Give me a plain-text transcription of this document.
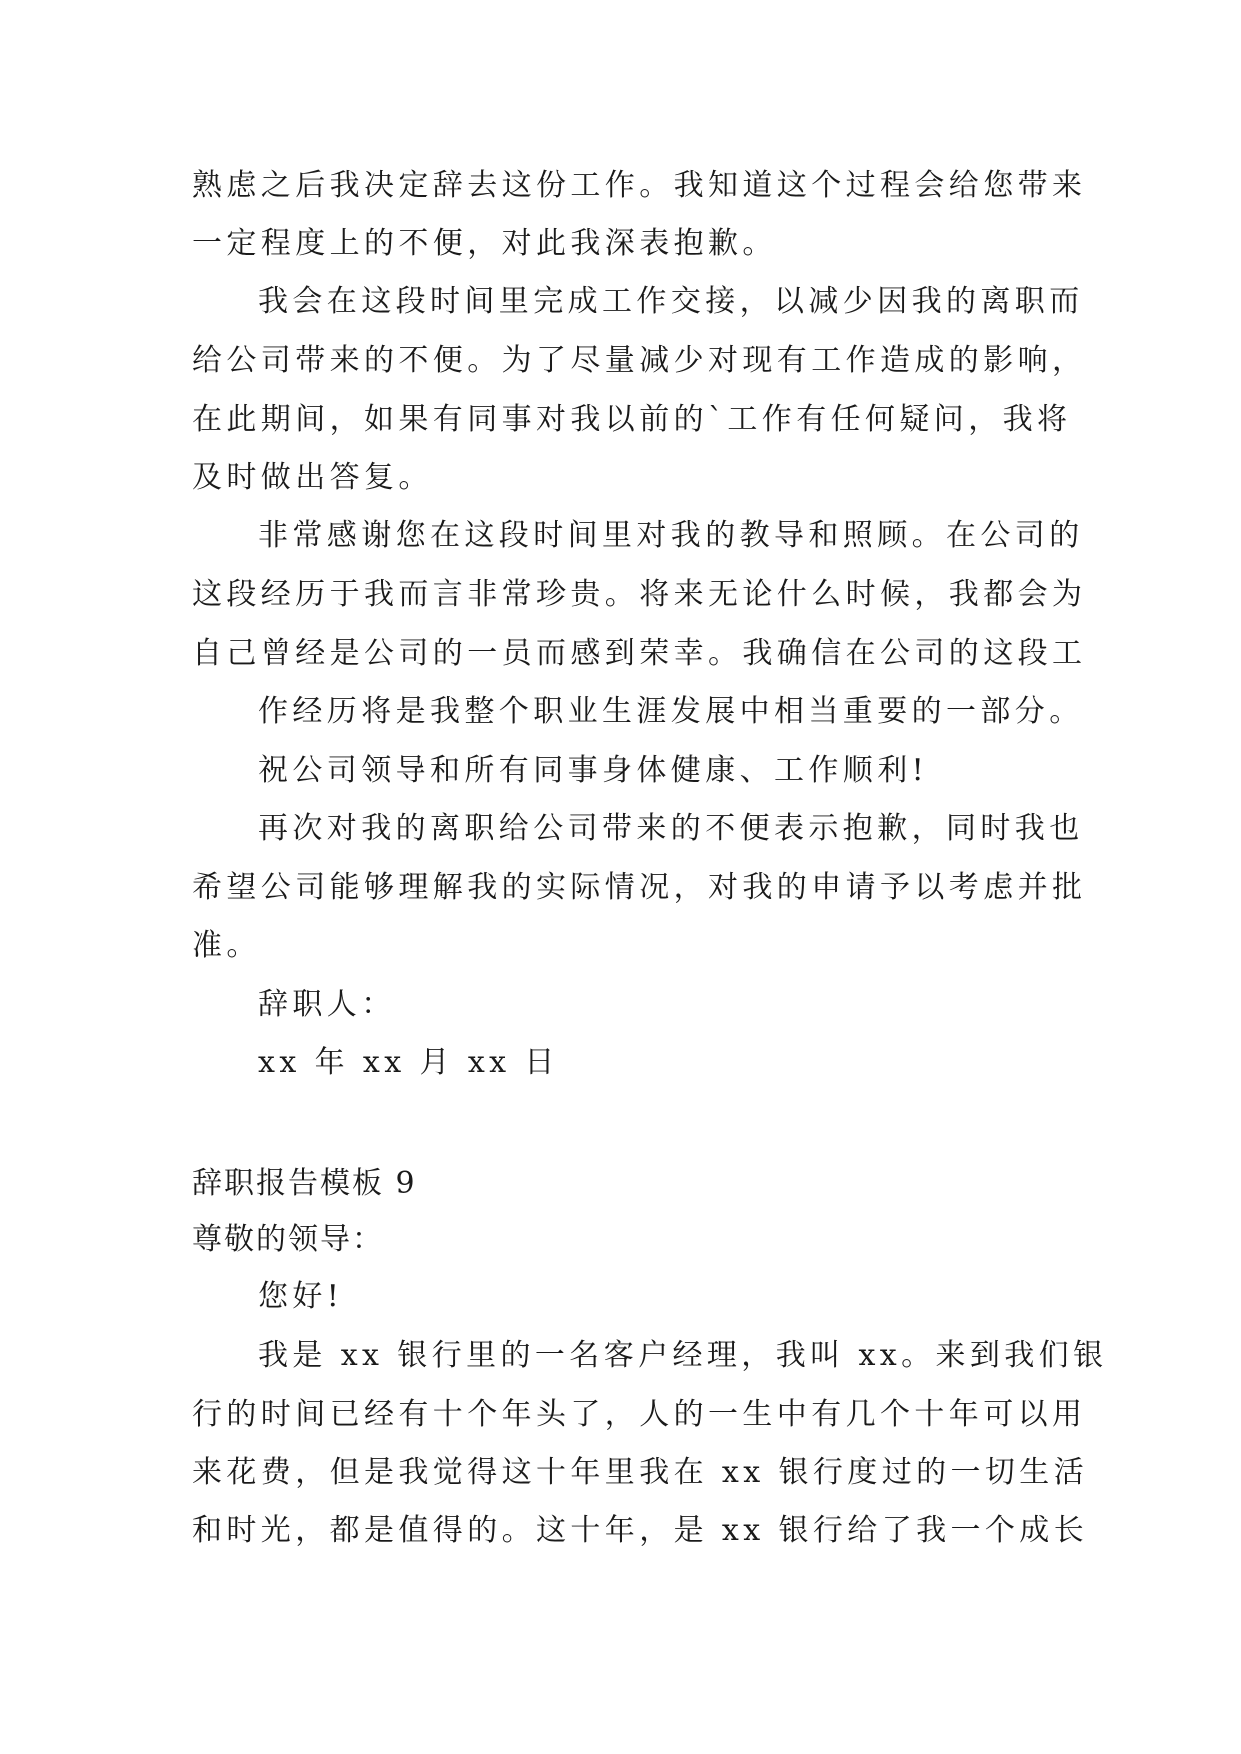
熟虑之后我决定辞去这份工作。我知道这个过程会给您带来
一定程度上的不便，对此我深表抱歉。
我会在这段时间里完成工作交接，以减少因我的离职而
给公司带来的不便。为了尽量减少对现有工作造成的影响，
在此期间，如果有同事对我以前的`工作有任何疑问，我将
及时做出答复。
非常感谢您在这段时间里对我的教导和照顾。在公司的
这段经历于我而言非常珍贵。将来无论什么时候，我都会为
自己曾经是公司的一员而感到荣幸。我确信在公司的这段工
作经历将是我整个职业生涯发展中相当重要的一部分。
祝公司领导和所有同事身体健康、工作顺利!
再次对我的离职给公司带来的不便表示抱歉，同时我也
希望公司能够理解我的实际情况，对我的申请予以考虑并批
准。
辞职人：
xx 年 xx 月 xx 日
辞职报告模板 9
尊敬的领导：
您好!
我是 xx 银行里的一名客户经理，我叫 xx。来到我们银
行的时间已经有十个年头了，人的一生中有几个十年可以用
来花费，但是我觉得这十年里我在 xx 银行度过的一切生活
和时光，都是值得的。这十年，是 xx 银行给了我一个成长
